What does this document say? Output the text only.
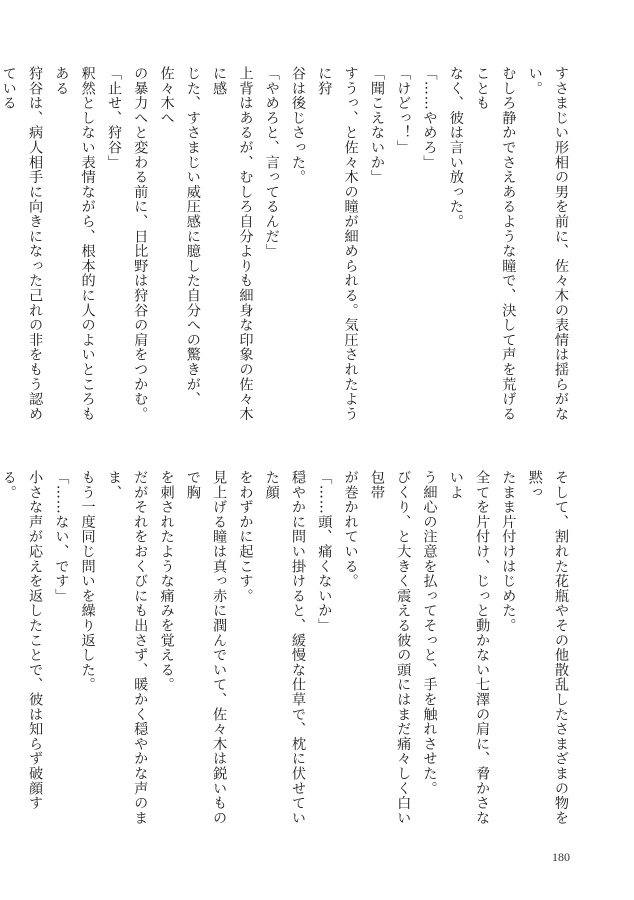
すさまじい形相の男を前に、佐々木の表情は揺らがない。
むしろ静かでさえあるような瞳で、決して声を荒げることも
なく、彼は言い放った。
「……やめろ」
「けどっ！」
「聞こえないか」
すうっ、と佐々木の瞳が細められる。気圧されたように狩
谷は後じさった。
「やめろと、言ってるんだ」
上背はあるが、むしろ自分よりも細身な印象の佐々木に感
じた、すさまじい威圧感に臆した自分への驚きが、佐々木へ
の暴力へと変わる前に、日比野は狩谷の肩をつかむ。
「止せ、狩谷」
釈然としない表情ながら、根本的に人のよいところもある
狩谷は、病人相手に向きになった己れの非をもう認めている
そして、割れた花瓶やその他散乱したさまざまの物を黙っ
たまま片付けはじめた。
全てを片付け、じっと動かない七澤の肩に、脅かさないよ
う細心の注意を払ってそっと、手を触れさせた。
びくり、と大きく震える彼の頭にはまだ痛々しく白い包帯
が巻かれている。
「……頭、痛くないか」
穏やかに問い掛けると、緩慢な仕草で、枕に伏せていた顔
をわずかに起こす。
見上げる瞳は真っ赤に潤んでいて、佐々木は鋭いもので胸
を刺されたような痛みを覚える。
だがそれをおくびにも出さず、暖かく穏やかな声のまま、
もう一度同じ問いを繰り返した。
「……ない、です」
小さな声が応えを返したことで、彼は知らず破顔する。

180
